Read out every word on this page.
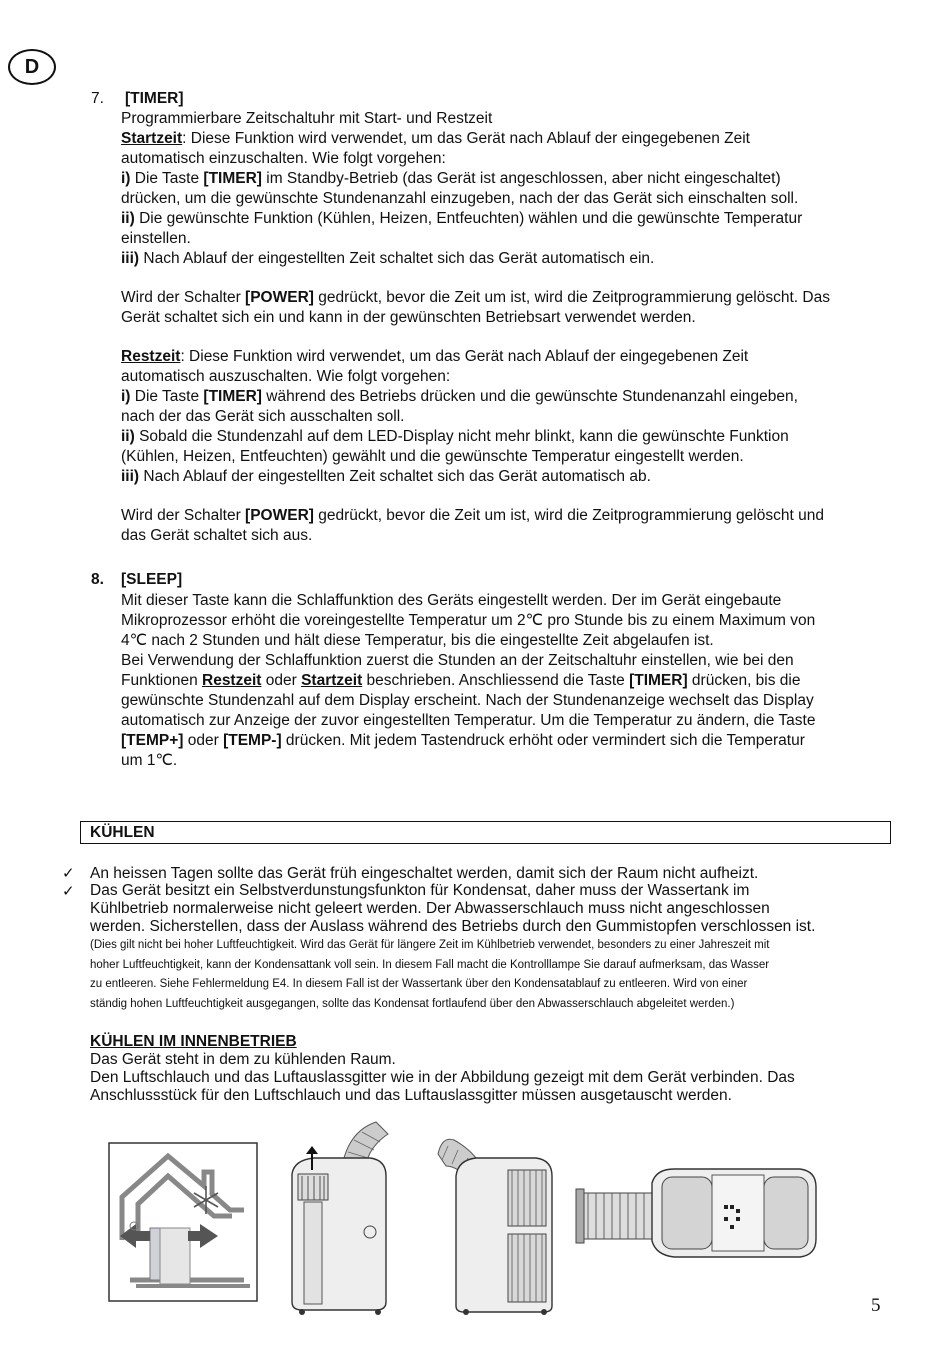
D
7. [TIMER]
Programmierbare Zeitschaltuhr mit Start- und Restzeit
Startzeit: Diese Funktion wird verwendet, um das Gerät nach Ablauf der eingegebenen Zeit
automatisch einzuschalten. Wie folgt vorgehen:
i) Die Taste [TIMER] im Standby-Betrieb (das Gerät ist angeschlossen, aber nicht eingeschaltet)
drücken, um die gewünschte Stundenanzahl einzugeben, nach der das Gerät sich einschalten soll.
ii) Die gewünschte Funktion (Kühlen, Heizen, Entfeuchten) wählen und die gewünschte Temperatur
einstellen.
iii) Nach Ablauf der eingestellten Zeit schaltet sich das Gerät automatisch ein.
Wird der Schalter [POWER] gedrückt, bevor die Zeit um ist, wird die Zeitprogrammierung gelöscht. Das
Gerät schaltet sich ein und kann in der gewünschten Betriebsart verwendet werden.
Restzeit: Diese Funktion wird verwendet, um das Gerät nach Ablauf der eingegebenen Zeit
automatisch auszuschalten. Wie folgt vorgehen:
i) Die Taste [TIMER] während des Betriebs drücken und die gewünschte Stundenanzahl eingeben,
nach der das Gerät sich ausschalten soll.
ii) Sobald die Stundenzahl auf dem LED-Display nicht mehr blinkt, kann die gewünschte Funktion
(Kühlen, Heizen, Entfeuchten) gewählt und die gewünschte Temperatur eingestellt werden.
iii) Nach Ablauf der eingestellten Zeit schaltet sich das Gerät automatisch ab.
Wird der Schalter [POWER] gedrückt, bevor die Zeit um ist, wird die Zeitprogrammierung gelöscht und
das Gerät schaltet sich aus.
8. [SLEEP]
Mit dieser Taste kann die Schlaffunktion des Geräts eingestellt werden. Der im Gerät eingebaute
Mikroprozessor erhöht die voreingestellte Temperatur um 2℃ pro Stunde bis zu einem Maximum von
4℃ nach 2 Stunden und hält diese Temperatur, bis die eingestellte Zeit abgelaufen ist.
Bei Verwendung der Schlaffunktion zuerst die Stunden an der Zeitschaltuhr einstellen, wie bei den
Funktionen Restzeit oder Startzeit beschrieben. Anschliessend die Taste [TIMER] drücken, bis die
gewünschte Stundenzahl auf dem Display erscheint. Nach der Stundenanzeige wechselt das Display
automatisch zur Anzeige der zuvor eingestellten Temperatur. Um die Temperatur zu ändern, die Taste
[TEMP+] oder [TEMP-] drücken. Mit jedem Tastendruck erhöht oder vermindert sich die Temperatur
um 1℃.
KÜHLEN
✓ An heissen Tagen sollte das Gerät früh eingeschaltet werden, damit sich der Raum nicht aufheizt.
✓ Das Gerät besitzt ein Selbstverdunstungsfunkton für Kondensat, daher muss der Wassertank im
Kühlbetrieb normalerweise nicht geleert werden. Der Abwasserschlauch muss nicht angeschlossen
werden. Sicherstellen, dass der Auslass während des Betriebs durch den Gummistopfen verschlossen ist.
(Dies gilt nicht bei hoher Luftfeuchtigkeit. Wird das Gerät für längere Zeit im Kühlbetrieb verwendet, besonders zu einer Jahreszeit mit
hoher Luftfeuchtigkeit, kann der Kondensattank voll sein. In diesem Fall macht die Kontrolllampe Sie darauf aufmerksam, das Wasser
zu entleeren. Siehe Fehlermeldung E4. In diesem Fall ist der Wassertank über den Kondensatablauf zu entleeren. Wird von einer
ständig hohen Luftfeuchtigkeit ausgegangen, sollte das Kondensat fortlaufend über den Abwasserschlauch abgeleitet werden.)
KÜHLEN IM INNENBETRIEB
Das Gerät steht in dem zu kühlenden Raum.
Den Luftschlauch und das Luftauslassgitter wie in der Abbildung gezeigt mit dem Gerät verbinden. Das
Anschlussstück für den Luftschlauch und das Luftauslassgitter müssen ausgetauscht werden.
5
